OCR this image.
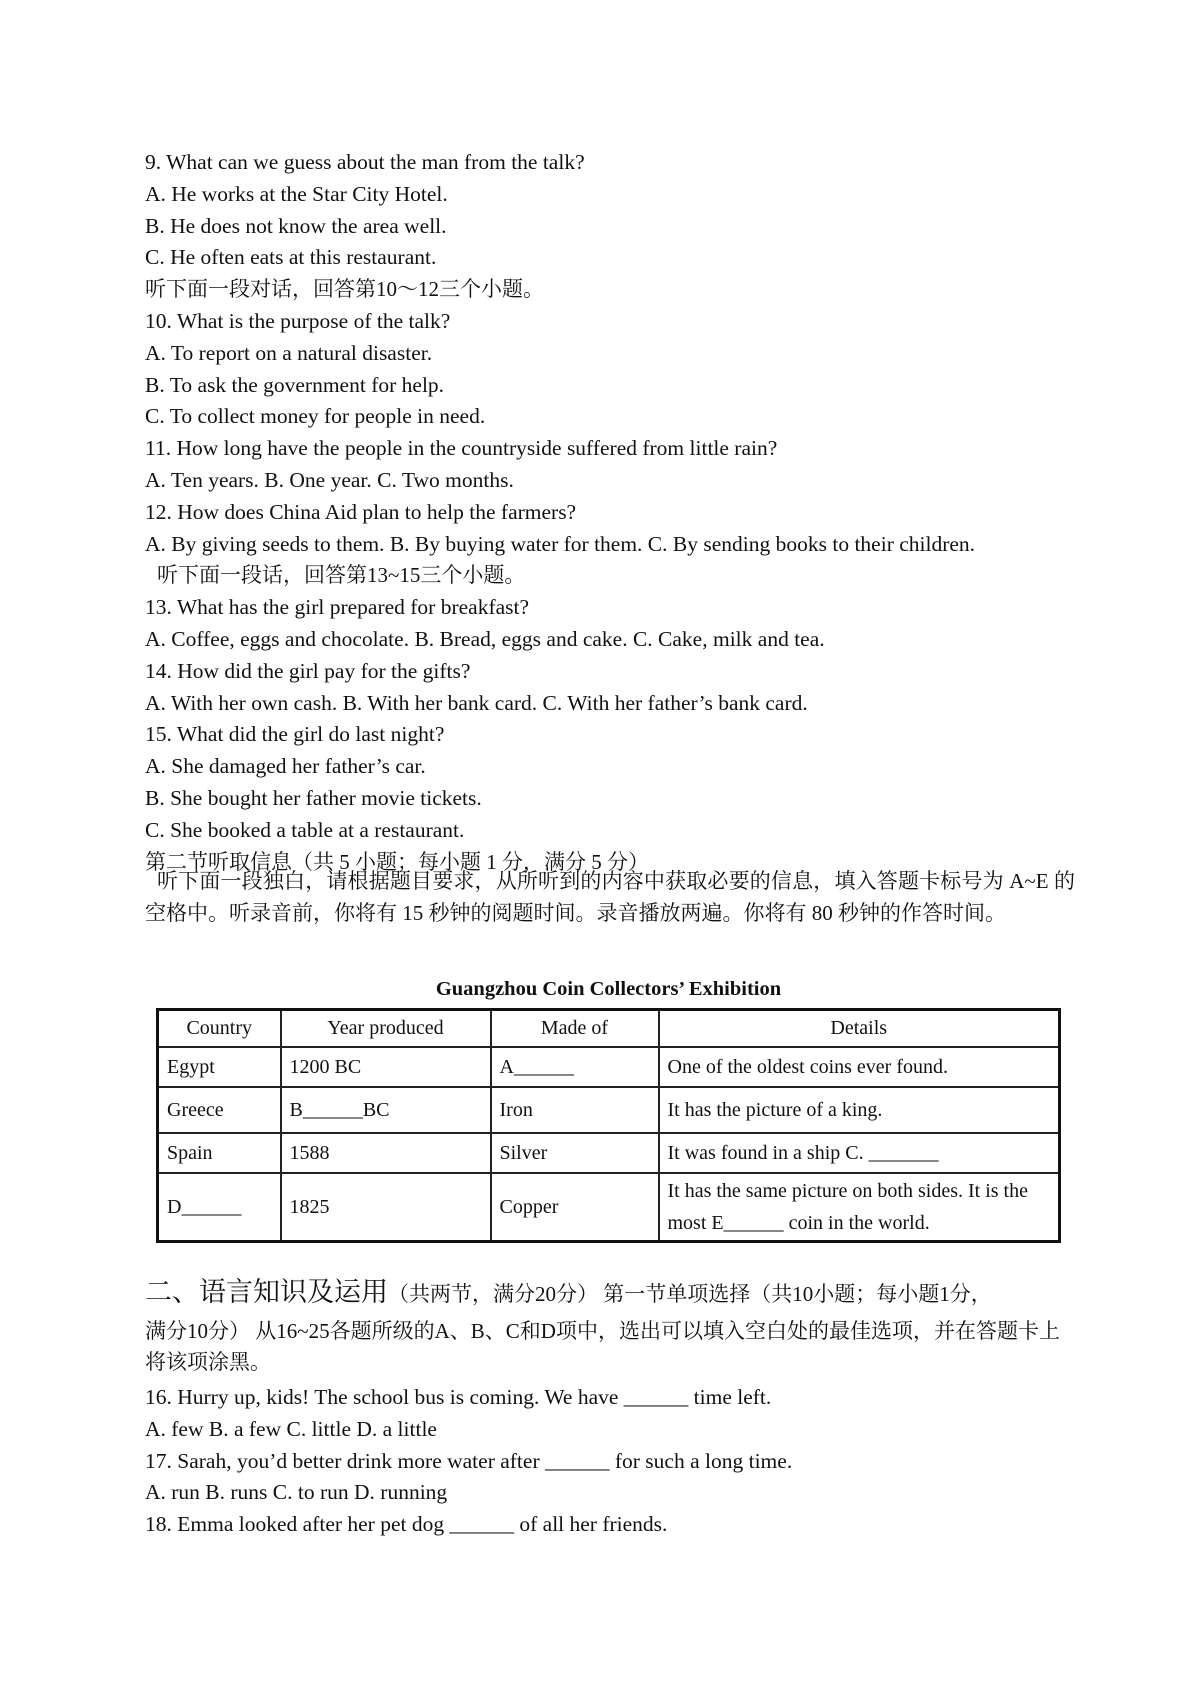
9. What can we guess about the man from the talk?
A. He works at the Star City Hotel.
B. He does not know the area well.
C. He often eats at this restaurant.
听下面一段对话，回答第10～12三个小题。
10. What is the purpose of the talk?
A. To report on a natural disaster.
B. To ask the government for help.
C. To collect money for people in need.
11. How long have the people in the countryside suffered from little rain?
A. Ten years. B. One year. C. Two months.
12. How does China Aid plan to help the farmers?
A. By giving seeds to them. B. By buying water for them. C. By sending books to their children.
听下面一段话，回答第13~15三个小题。
13. What has the girl prepared for breakfast?
A. Coffee, eggs and chocolate. B. Bread, eggs and cake. C. Cake, milk and tea.
14. How did the girl pay for the gifts?
A. With her own cash. B. With her bank card. C. With her father’s bank card.
15. What did the girl do last night?
A. She damaged her father’s car.
B. She bought her father movie tickets.
C. She booked a table at a restaurant.
第二节听取信息（共 5 小题；每小题 1 分，满分 5 分）
听下面一段独白，请根据题目要求，从所听到的内容中获取必要的信息，填入答题卡标号为 A~E 的空格中。听录音前，你将有 15 秒钟的阅题时间。录音播放两遍。你将有 80 秒钟的作答时间。
Guangzhou Coin Collectors’ Exhibition
Country	Year produced	Made of	Details
Egypt	1200 BC	A______	One of the oldest coins ever found.
Greece	B______BC	Iron	It has the picture of a king.
Spain	1588	Silver	It was found in a ship C. _______
D______	1825	Copper	It has the same picture on both sides. It is the most E______ coin in the world.
二、语言知识及运用（共两节，满分20分） 第一节单项选择（共10小题；每小题1分，
满分10分） 从16~25各题所级的A、B、C和D项中，选出可以填入空白处的最佳选项，并在答题卡上将该项涂黑。
16. Hurry up, kids! The school bus is coming. We have ______ time left.
A. few B. a few C. little D. a little
17. Sarah, you’d better drink more water after ______ for such a long time.
A. run B. runs C. to run D. running
18. Emma looked after her pet dog ______ of all her friends.
